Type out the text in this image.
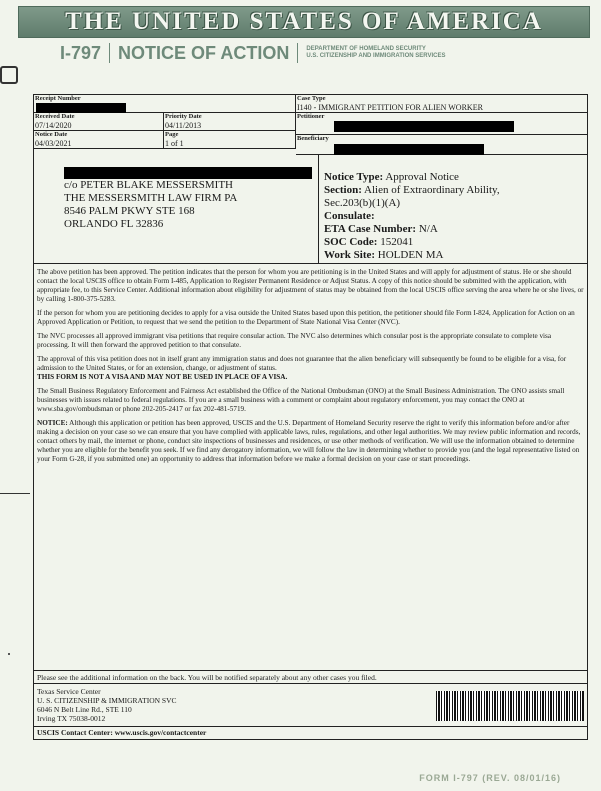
THE UNITED STATES OF AMERICA
I-797 NOTICE OF ACTION	DEPARTMENT OF HOMELAND SECURITY
U.S. CITIZENSHIP AND IMMIGRATION SERVICES
Receipt Number	Case Type
I140 - IMMIGRANT PETITION FOR ALIEN WORKER
Received Date
07/14/2020
Priority Date
04/11/2013
Petitioner
Notice Date
04/03/2021
Page
1 of 1
Beneficiary
c/o PETER BLAKE MESSERSMITH
THE MESSERSMITH LAW FIRM PA
8546 PALM PKWY STE 168
ORLANDO FL 32836
Notice Type: Approval Notice
Section: Alien of Extraordinary Ability,
Sec.203(b)(1)(A)
Consulate:
ETA Case Number: N/A
SOC Code: 152041
Work Site: HOLDEN MA

The above petition has been approved. The petition indicates that the person for whom you are petitioning is in the United States and will apply for adjustment of status. He or she should contact the local USCIS office to obtain Form I-485, Application to Register Permanent Residence or Adjust Status. A copy of this notice should be submitted with the application, with appropriate fee, to this Service Center. Additional information about eligibility for adjustment of status may be obtained from the local USCIS office serving the area where he or she lives, or by calling 1-800-375-5283.

If the person for whom you are petitioning decides to apply for a visa outside the United States based upon this petition, the petitioner should file Form I-824, Application for Action on an Approved Application or Petition, to request that we send the petition to the Department of State National Visa Center (NVC).

The NVC processes all approved immigrant visa petitions that require consular action. The NVC also determines which consular post is the appropriate consulate to complete visa processing. It will then forward the approved petition to that consulate.

The approval of this visa petition does not in itself grant any immigration status and does not guarantee that the alien beneficiary will subsequently be found to be eligible for a visa, for admission to the United States, or for an extension, change, or adjustment of status.
THIS FORM IS NOT A VISA AND MAY NOT BE USED IN PLACE OF A VISA.

The Small Business Regulatory Enforcement and Fairness Act established the Office of the National Ombudsman (ONO) at the Small Business Administration. The ONO assists small businesses with issues related to federal regulations. If you are a small business with a comment or complaint about regulatory enforcement, you may contact the ONO at www.sba.gov/ombudsman or phone 202-205-2417 or fax 202-481-5719.

NOTICE: Although this application or petition has been approved, USCIS and the U.S. Department of Homeland Security reserve the right to verify this information before and/or after making a decision on your case so we can ensure that you have complied with applicable laws, rules, regulations, and other legal authorities. We may review public information and records, contact others by mail, the internet or phone, conduct site inspections of businesses and residences, or use other methods of verification. We will use the information obtained to determine whether you are eligible for the benefit you seek. If we find any derogatory information, we will follow the law in determining whether to provide you (and the legal representative listed on your Form G-28, if you submitted one) an opportunity to address that information before we make a formal decision on your case or start proceedings.

Please see the additional information on the back. You will be notified separately about any other cases you filed.
Texas Service Center
U. S. CITIZENSHIP & IMMIGRATION SVC
6046 N Belt Line Rd., STE 110
Irving TX 75038-0012
USCIS Contact Center: www.uscis.gov/contactcenter
FORM I-797 (REV. 08/01/16)
